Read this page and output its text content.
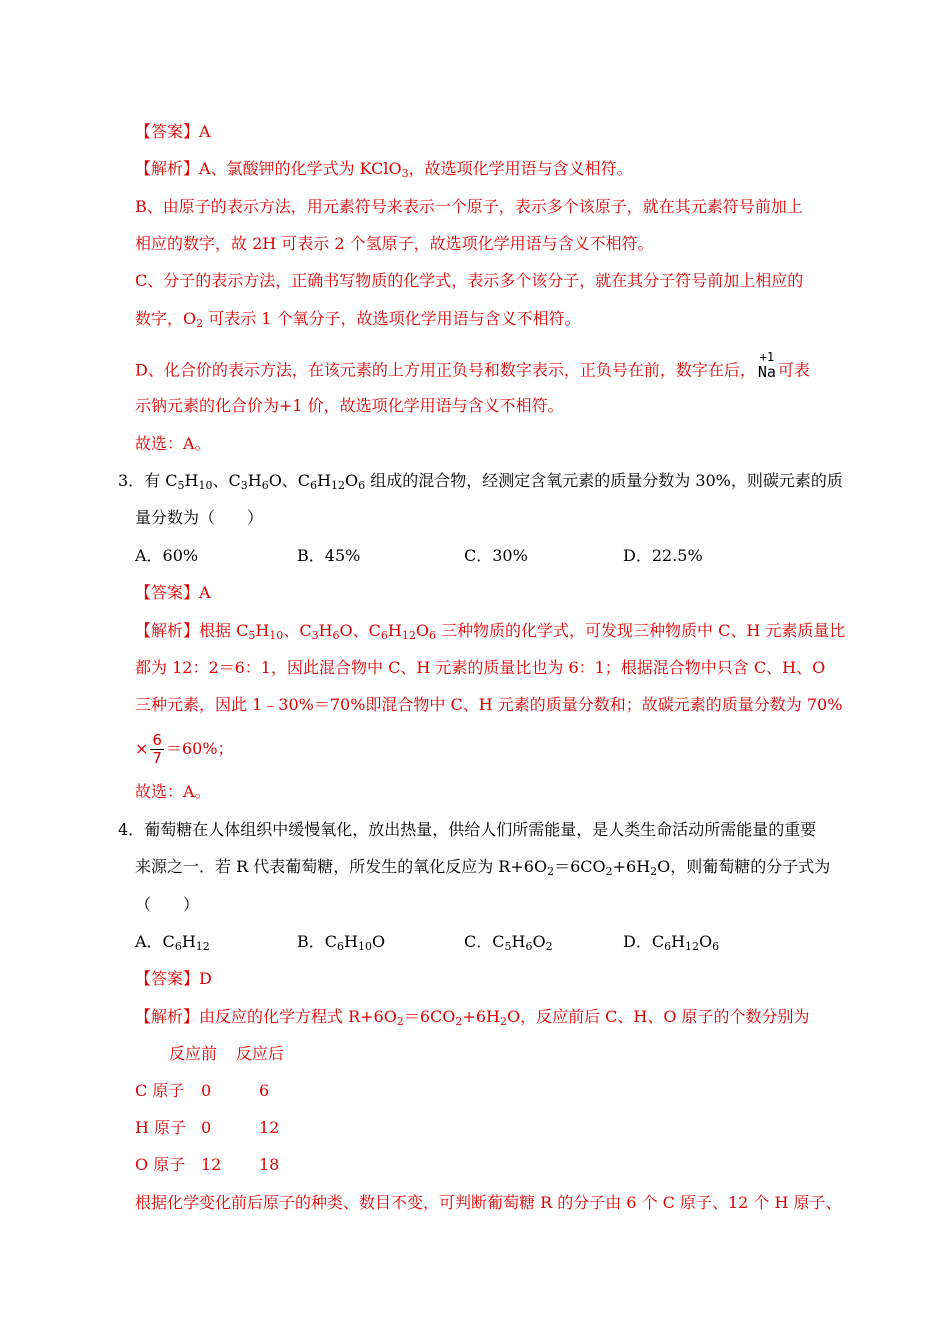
【答案】A
【解析】A、氯酸钾的化学式为 KClO$_3$，故选项化学用语与含义相符。
B、由原子的表示方法，用元素符号来表示一个原子，表示多个该原子，就在其元素符号前加上
相应的数字，故 2H 可表示 2 个氢原子，故选项化学用语与含义不相符。
C、分子的表示方法，正确书写物质的化学式，表示多个该分子，就在其分子符号前加上相应的
数字，$O_2$ 可表示 1 个氧分子，故选项化学用语与含义不相符。
D、化合价的表示方法，在该元素的上方用正负号和数字表示，正负号在前，数字在后，
+1
Na 可表
示钠元素的化合价为+1 价，故选项化学用语与含义不相符。
故选：A。
3．有 $C_5H_{10}$、$C_3H_6O$、$C_6H_{12}O_6$ 组成的混合物，经测定含氧元素的质量分数为 30%，则碳元素的质
量分数为（　　）
A．60%	B．45%	C．30%	D．22.5%
【答案】A
【解析】根据 $C_5H_{10}$、$C_3H_6O$、$C_6H_{12}O_6$ 三种物质的化学式，可发现三种物质中 C、H 元素质量比
都为 12：2＝6：1，因此混合物中 C、H 元素的质量比也为 6：1；根据混合物中只含 C、H、O
三种元素，因此 1﹣30%＝70%即混合物中 C、H 元素的质量分数和；故碳元素的质量分数为 70%
× $\frac{6}{7} =60\%$；
故选：A。
4．葡萄糖在人体组织中缓慢氧化，放出热量，供给人们所需能量，是人类生命活动所需能量的重要
来源之一．若 R 代表葡萄糖，所发生的氧化反应为 $R+6O_2=6CO_2+6H_2O$，则葡萄糖的分子式为
（　　）
A．$C_6H_{12}$	B．$C_6H_{10}O$	C．$C_5H_6O_2$	D．$C_6H_{12}O_6$
【答案】D
【解析】由反应的化学方程式 $R+6O_2=6CO_2+6H_2O$，反应前后 C、H、O 原子的个数分别为
反应前 反应后
C 原子 0	6
H 原子 0	12
O 原子 12 18
根据化学变化前后原子的种类、数目不变，可判断葡萄糖 R 的分子由 6 个 C 原子、12 个 H 原子、
